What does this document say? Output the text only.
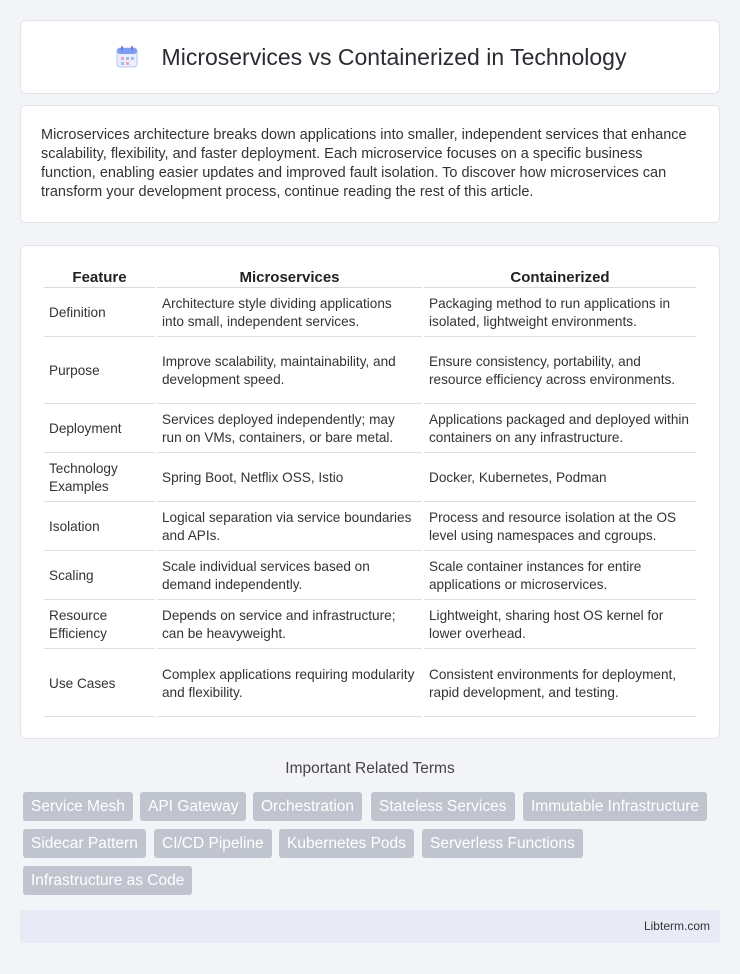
Microservices vs Containerized in Technology

Microservices architecture breaks down applications into smaller, independent services that enhance scalability, flexibility, and faster deployment. Each microservice focuses on a specific business function, enabling easier updates and improved fault isolation. To discover how microservices can transform your development process, continue reading the rest of this article.

Feature	Microservices	Containerized
Definition	Architecture style dividing applications into small, independent services.	Packaging method to run applications in isolated, lightweight environments.
Purpose	Improve scalability, maintainability, and development speed.	Ensure consistency, portability, and resource efficiency across environments.
Deployment	Services deployed independently; may run on VMs, containers, or bare metal.	Applications packaged and deployed within containers on any infrastructure.
Technology Examples	Spring Boot, Netflix OSS, Istio	Docker, Kubernetes, Podman
Isolation	Logical separation via service boundaries and APIs.	Process and resource isolation at the OS level using namespaces and cgroups.
Scaling	Scale individual services based on demand independently.	Scale container instances for entire applications or microservices.
Resource Efficiency	Depends on service and infrastructure; can be heavyweight.	Lightweight, sharing host OS kernel for lower overhead.
Use Cases	Complex applications requiring modularity and flexibility.	Consistent environments for deployment, rapid development, and testing.
Important Related Terms
Service Mesh	API Gateway	Orchestration	Stateless Services	Immutable Infrastructure
Sidecar Pattern	CI/CD Pipeline	Kubernetes Pods	Serverless Functions
Infrastructure as Code
Libterm.com
